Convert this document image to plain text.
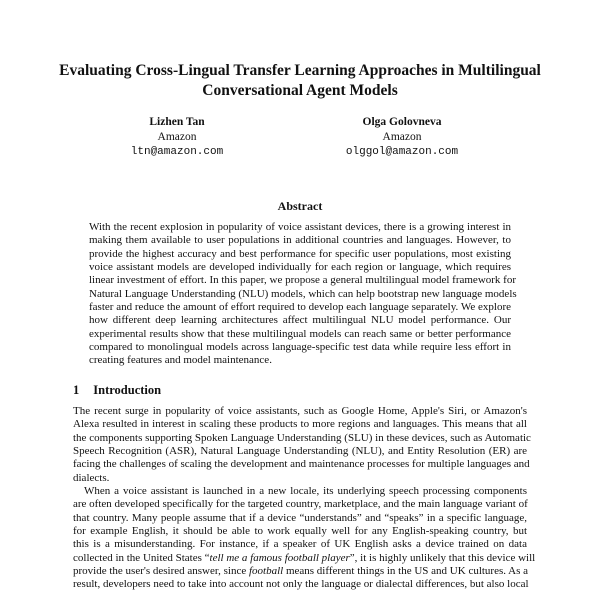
Evaluating Cross-Lingual Transfer Learning Approaches in Multilingual
Conversational Agent Models
Lizhen Tan
Amazon
ltn@amazon.com
Olga Golovneva
Amazon
olggol@amazon.com
Abstract
With the recent explosion in popularity of voice assistant devices, there is a growing interest in
making them available to user populations in additional countries and languages. However, to
provide the highest accuracy and best performance for specific user populations, most existing
voice assistant models are developed individually for each region or language, which requires
linear investment of effort. In this paper, we propose a general multilingual model framework for
Natural Language Understanding (NLU) models, which can help bootstrap new language models
faster and reduce the amount of effort required to develop each language separately. We explore
how different deep learning architectures affect multilingual NLU model performance. Our
experimental results show that these multilingual models can reach same or better performance
compared to monolingual models across language-specific test data while require less effort in
creating features and model maintenance.
1 Introduction
The recent surge in popularity of voice assistants, such as Google Home, Apple's Siri, or Amazon's
Alexa resulted in interest in scaling these products to more regions and languages. This means that all
the components supporting Spoken Language Understanding (SLU) in these devices, such as Automatic
Speech Recognition (ASR), Natural Language Understanding (NLU), and Entity Resolution (ER) are
facing the challenges of scaling the development and maintenance processes for multiple languages and
dialects.
When a voice assistant is launched in a new locale, its underlying speech processing components
are often developed specifically for the targeted country, marketplace, and the main language variant of
that country. Many people assume that if a device “understands” and “speaks” in a specific language,
for example English, it should be able to work equally well for any English-speaking country, but
this is a misunderstanding. For instance, if a speaker of UK English asks a device trained on data
collected in the United States “tell me a famous football player”, it is highly unlikely that this device will
provide the user's desired answer, since football means different things in the US and UK cultures. As a
result, developers need to take into account not only the language or dialectal differences, but also local
